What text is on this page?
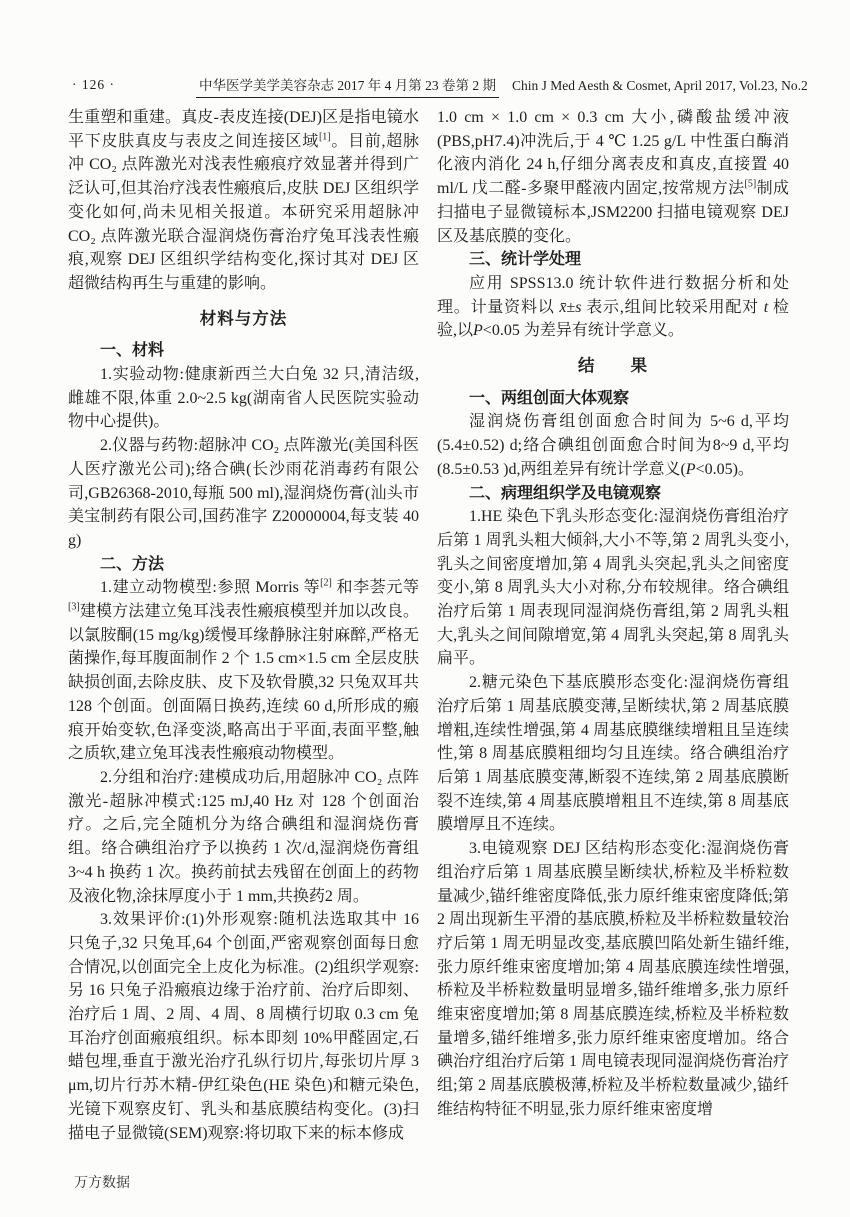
· 126 ·	中华医学美学美容杂志 2017 年 4 月第 23 卷第 2 期 Chin J Med Aesth & Cosmet, April 2017, Vol.23, No.2

生重塑和重建。真皮-表皮连接(DEJ)区是指电镜水平下皮肤真皮与表皮之间连接区域[1]。目前,超脉冲 CO₂ 点阵激光对浅表性瘢痕疗效显著并得到广泛认可,但其治疗浅表性瘢痕后,皮肤 DEJ 区组织学变化如何,尚未见相关报道。本研究采用超脉冲 CO₂ 点阵激光联合湿润烧伤膏治疗兔耳浅表性瘢痕,观察 DEJ 区组织学结构变化,探讨其对 DEJ 区超微结构再生与重建的影响。

材料与方法

一、材料

1.实验动物:健康新西兰大白兔 32 只,清洁级,雌雄不限,体重 2.0~2.5 kg(湖南省人民医院实验动物中心提供)。

2.仪器与药物:超脉冲 CO₂ 点阵激光(美国科医人医疗激光公司);络合碘(长沙雨花消毒药有限公司,GB26368-2010,每瓶 500 ml),湿润烧伤膏(汕头市美宝制药有限公司,国药准字 Z20000004,每支装 40 g)

二、方法

1.建立动物模型:参照 Morris 等[2] 和李荟元等[3]建模方法建立兔耳浅表性瘢痕模型并加以改良。以氯胺酮(15 mg/kg)缓慢耳缘静脉注射麻醉,严格无菌操作,每耳腹面制作 2 个 1.5 cm×1.5 cm 全层皮肤缺损创面,去除皮肤、皮下及软骨膜,32 只兔双耳共 128 个创面。创面隔日换药,连续 60 d,所形成的瘢痕开始变软,色泽变淡,略高出于平面,表面平整,触之质软,建立兔耳浅表性瘢痕动物模型。

2.分组和治疗:建模成功后,用超脉冲 CO₂ 点阵激光-超脉冲模式:125 mJ,40 Hz 对 128 个创面治疗。之后,完全随机分为络合碘组和湿润烧伤膏组。络合碘组治疗予以换药 1 次/d,湿润烧伤膏组 3~4 h 换药 1 次。换药前拭去残留在创面上的药物及液化物,涂抹厚度小于 1 mm,共换药2 周。

3.效果评价:(1)外形观察:随机法选取其中 16 只兔子,32 只兔耳,64 个创面,严密观察创面每日愈合情况,以创面完全上皮化为标准。(2)组织学观察:另 16 只兔子沿瘢痕边缘于治疗前、治疗后即刻、治疗后 1 周、2 周、4 周、8 周横行切取 0.3 cm 兔耳治疗创面瘢痕组织。标本即刻 10%甲醛固定,石蜡包埋,垂直于激光治疗孔纵行切片,每张切片厚 3 μm,切片行苏木精-伊红染色(HE 染色)和糖元染色,光镜下观察皮钉、乳头和基底膜结构变化。(3)扫描电子显微镜(SEM)观察:将切取下来的标本修成

1.0 cm × 1.0 cm × 0.3 cm 大小,磷酸盐缓冲液(PBS,pH7.4)冲洗后,于 4 ℃ 1.25 g/L 中性蛋白酶消化液内消化 24 h,仔细分离表皮和真皮,直接置 40 ml/L 戊二醛-多聚甲醛液内固定,按常规方法[5]制成扫描电子显微镜标本,JSM2200 扫描电镜观察 DEJ 区及基底膜的变化。

三、统计学处理

应用 SPSS13.0 统计软件进行数据分析和处理。计量资料以 x̄±s 表示,组间比较采用配对 t 检验,以P<0.05 为差异有统计学意义。

结　　果

一、两组创面大体观察

湿润烧伤膏组创面愈合时间为 5~6 d,平均(5.4±0.52) d;络合碘组创面愈合时间为8~9 d,平均(8.5±0.53 )d,两组差异有统计学意义(P<0.05)。

二、病理组织学及电镜观察

1.HE 染色下乳头形态变化:湿润烧伤膏组治疗后第 1 周乳头粗大倾斜,大小不等,第 2 周乳头变小,乳头之间密度增加,第 4 周乳头突起,乳头之间密度变小,第 8 周乳头大小对称,分布较规律。络合碘组治疗后第 1 周表现同湿润烧伤膏组,第 2 周乳头粗大,乳头之间间隙增宽,第 4 周乳头突起,第 8 周乳头扁平。

2.糖元染色下基底膜形态变化:湿润烧伤膏组治疗后第 1 周基底膜变薄,呈断续状,第 2 周基底膜增粗,连续性增强,第 4 周基底膜继续增粗且呈连续性,第 8 周基底膜粗细均匀且连续。络合碘组治疗后第 1 周基底膜变薄,断裂不连续,第 2 周基底膜断裂不连续,第 4 周基底膜增粗且不连续,第 8 周基底膜增厚且不连续。

3.电镜观察 DEJ 区结构形态变化:湿润烧伤膏组治疗后第 1 周基底膜呈断续状,桥粒及半桥粒数量减少,锚纤维密度降低,张力原纤维束密度降低;第 2 周出现新生平滑的基底膜,桥粒及半桥粒数量较治疗后第 1 周无明显改变,基底膜凹陷处新生锚纤维,张力原纤维束密度增加;第 4 周基底膜连续性增强,桥粒及半桥粒数量明显增多,锚纤维增多,张力原纤维束密度增加;第 8 周基底膜连续,桥粒及半桥粒数量增多,锚纤维增多,张力原纤维束密度增加。络合碘治疗组治疗后第 1 周电镜表现同湿润烧伤膏治疗组;第 2 周基底膜极薄,桥粒及半桥粒数量减少,锚纤维结构特征不明显,张力原纤维束密度增

万方数据
